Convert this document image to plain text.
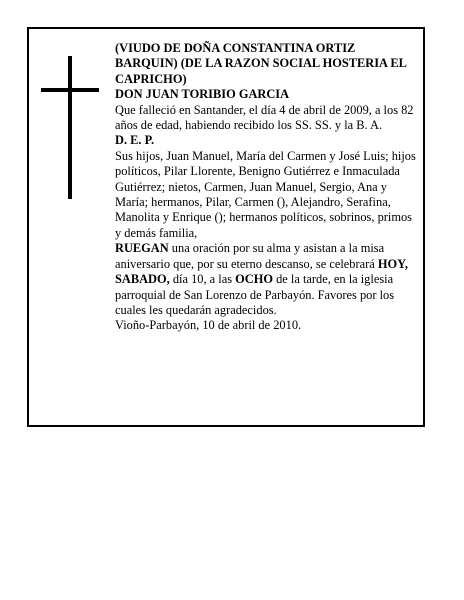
(VIUDO DE DOÑA CONSTANTINA ORTIZ BARQUIN) (DE LA RAZON SOCIAL HOSTERIA EL CAPRICHO)

DON JUAN TORIBIO GARCIA

Que falleció en Santander, el día 4 de abril de 2009, a los 82 años de edad, habiendo recibido los SS. SS. y la B. A.

D. E. P.

Sus hijos, Juan Manuel, María del Carmen y José Luis; hijos políticos, Pilar Llorente, Benigno Gutiérrez e Inmaculada Gutiérrez; nietos, Carmen, Juan Manuel, Sergio, Ana y María; hermanos, Pilar, Carmen (), Alejandro, Serafina, Manolita y Enrique (); hermanos políticos, sobrinos, primos y demás familia,

RUEGAN una oración por su alma y asistan a la misa aniversario que, por su eterno descanso, se celebrará HOY, SABADO, día 10, a las OCHO de la tarde, en la iglesia parroquial de San Lorenzo de Parbayón. Favores por los cuales les quedarán agradecidos.

Vioño-Parbayón, 10 de abril de 2010.
